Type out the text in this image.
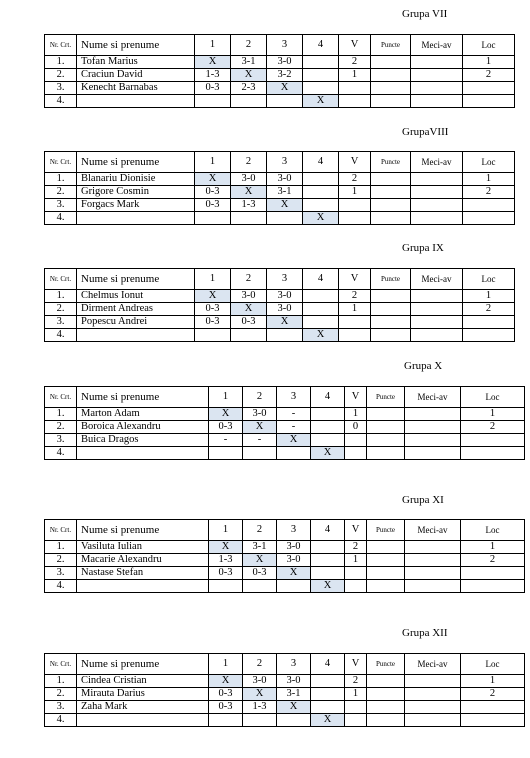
Grupa VII
Nr. Crt.	Nume si prenume	1	2	3	4	V	Puncte	Meci-av	Loc
1.	Tofan Marius	X	3-1	3-0		2			1
2.	Craciun David	1-3	X	3-2		1			2
3.	Kenecht Barnabas	0-3	2-3	X					
4.					X				
GrupaVIII
Nr. Crt.	Nume si prenume	1	2	3	4	V	Puncte	Meci-av	Loc
1.	Blanariu Dionisie	X	3-0	3-0		2			1
2.	Grigore Cosmin	0-3	X	3-1		1			2
3.	Forgacs Mark	0-3	1-3	X					
4.					X				
Grupa IX
Nr. Crt.	Nume si prenume	1	2	3	4	V	Puncte	Meci-av	Loc
1.	Chelmus Ionut	X	3-0	3-0		2			1
2.	Dirment Andreas	0-3	X	3-0		1			2
3.	Popescu Andrei	0-3	0-3	X					
4.					X				
Grupa X
Nr. Crt.	Nume si prenume	1	2	3	4	V	Puncte	Meci-av	Loc
1.	Marton Adam	X	3-0	-		1			1
2.	Boroica Alexandru	0-3	X	-		0			2
3.	Buica Dragos	-	-	X					
4.					X				
Grupa XI
Nr. Crt.	Nume si prenume	1	2	3	4	V	Puncte	Meci-av	Loc
1.	Vasiluta Iulian	X	3-1	3-0		2			1
2.	Macarie Alexandru	1-3	X	3-0		1			2
3.	Nastase Stefan	0-3	0-3	X					
4.					X				
Grupa XII
Nr. Crt.	Nume si prenume	1	2	3	4	V	Puncte	Meci-av	Loc
1.	Cindea Cristian	X	3-0	3-0		2			1
2.	Mirauta Darius	0-3	X	3-1		1			2
3.	Zaha Mark	0-3	1-3	X					
4.					X				
